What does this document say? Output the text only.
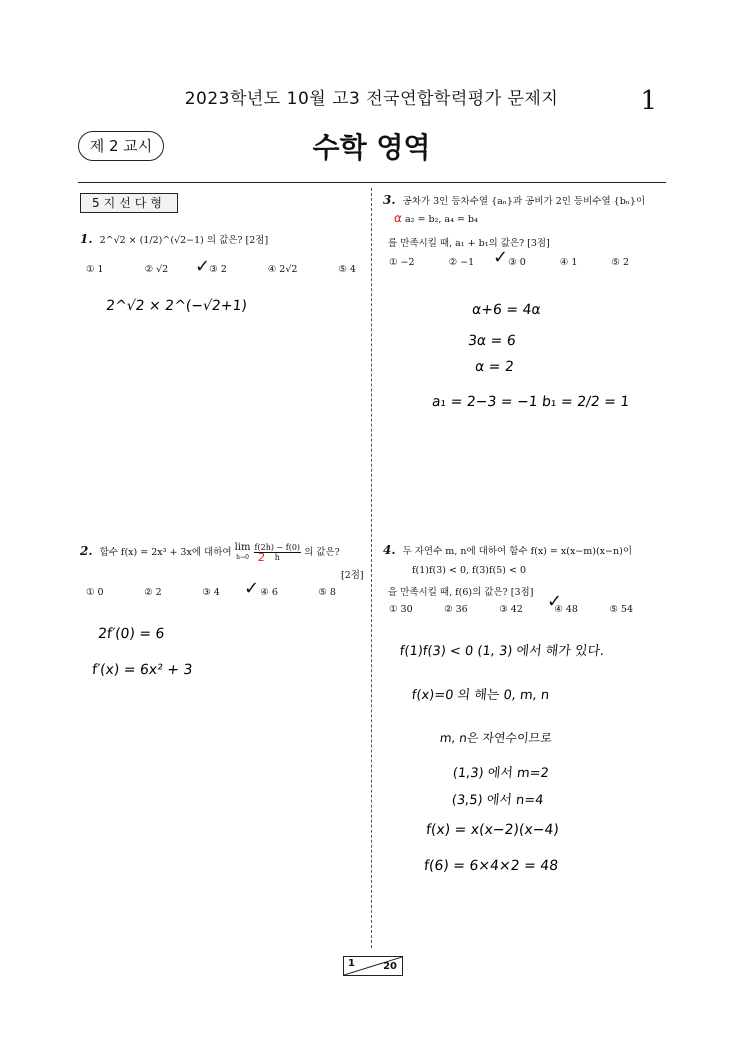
2023학년도 10월 고3 전국연합학력평가 문제지	1
제 2 교시	수학 영역
5지선다형
1. 2^√2 × (1/2)^(√2−1) 의 값은? [2점]
① 1	② √2	③ 2	④ 2√2	⑤ 4
✓
2^√2 × 2^(−√2+1)
2. 함수 f(x) = 2x³ + 3x에 대하여 lim
$h\to 0 \frac{f(2h) - f(0)}{h}$ 의 값은?
2
[2점]
① 0	② 2	③ 4	④ 6	⑤ 8
✓
2f′(0) = 6
f′(x) = 6x² + 3
3. 공차가 3인 등차수열 {aₙ}과 공비가 2인 등비수열 {bₙ}이
a₂ = b₂, a₄ = b₄
α
를 만족시킬 때, a₁ + b₁의 값은? [3점]
① −2	② −1	③ 0	④ 1	⑤ 2
✓
α+6 = 4α
3α = 6
α = 2
a₁ = 2−3 = −1 b₁ = 2/2 = 1
4. 두 자연수 m, n에 대하여 함수 f(x) = x(x−m)(x−n)이
f(1)f(3) < 0, f(3)f(5) < 0
을 만족시킬 때, f(6)의 값은? [3점]
① 30	② 36	③ 42	④ 48	⑤ 54
✓
f(1)f(3) < 0 (1, 3) 에서 해가 있다.
f(x)=0 의 해는 0, m, n
m, n은 자연수이므로
(1,3) 에서 m=2
(3,5) 에서 n=4
f(x) = x(x−2)(x−4)
f(6) = 6×4×2 = 48
1	20
